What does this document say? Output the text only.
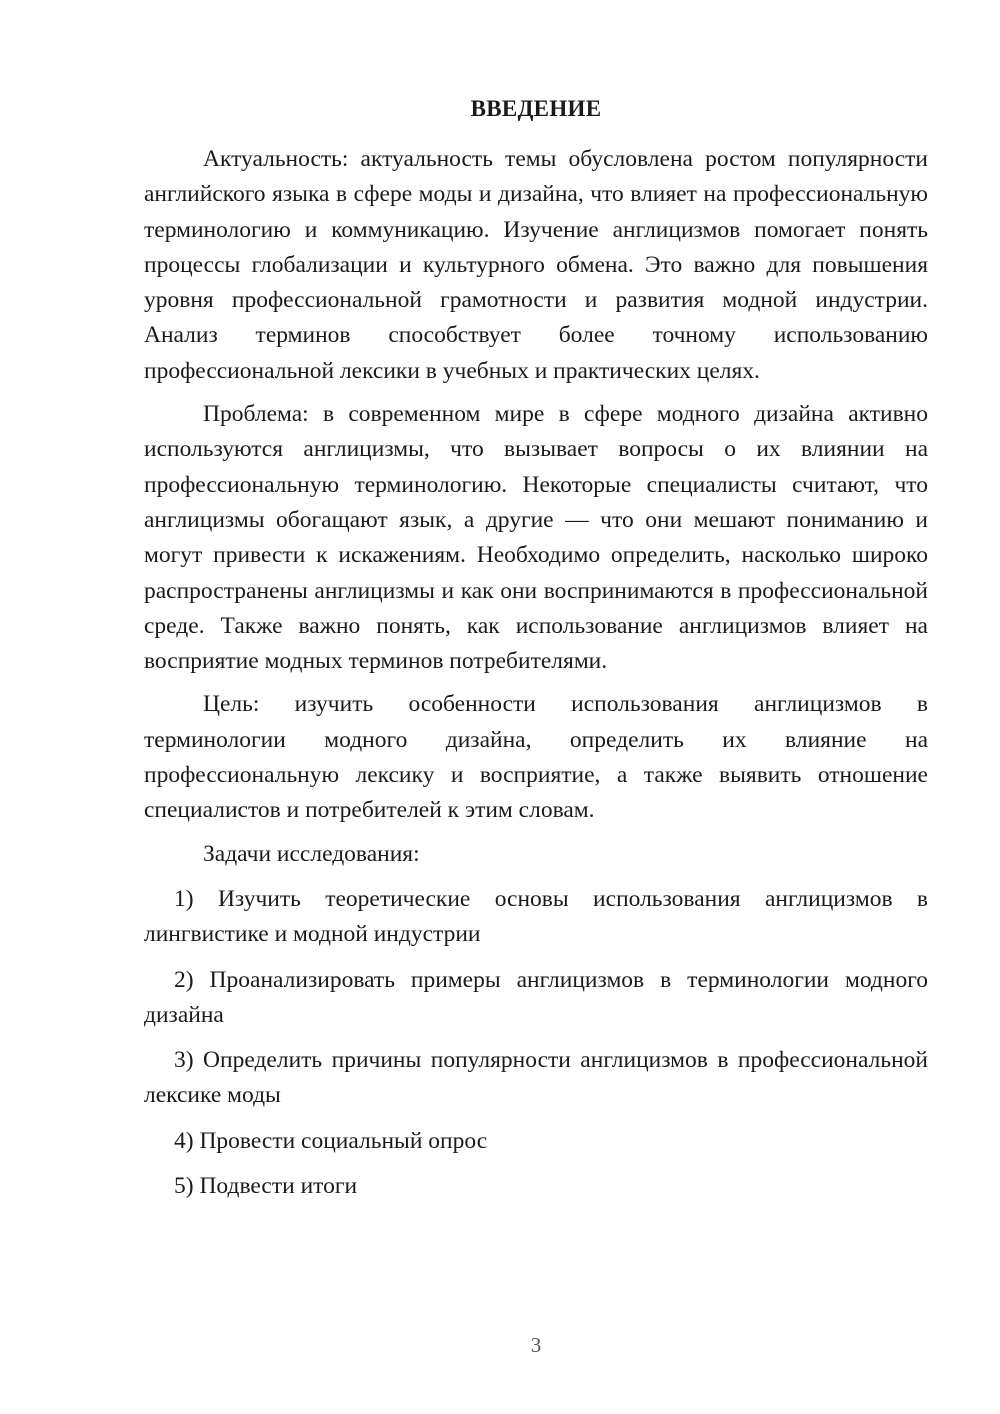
ВВЕДЕНИЕ

Актуальность: актуальность темы обусловлена ростом популярности английского языка в сфере моды и дизайна, что влияет на профессиональную терминологию и коммуникацию. Изучение англицизмов помогает понять процессы глобализации и культурного обмена. Это важно для повышения уровня профессиональной грамотности и развития модной индустрии. Анализ терминов способствует более точному использованию профессиональной лексики в учебных и практических целях.

Проблема: в современном мире в сфере модного дизайна активно используются англицизмы, что вызывает вопросы о их влиянии на профессиональную терминологию. Некоторые специалисты считают, что англицизмы обогащают язык, а другие — что они мешают пониманию и могут привести к искажениям. Необходимо определить, насколько широко распространены англицизмы и как они воспринимаются в профессиональной среде. Также важно понять, как использование англицизмов влияет на восприятие модных терминов потребителями.

Цель: изучить особенности использования англицизмов в терминологии модного дизайна, определить их влияние на профессиональную лексику и восприятие, а также выявить отношение специалистов и потребителей к этим словам.

Задачи исследования:

1) Изучить теоретические основы использования англицизмов в лингвистике и модной индустрии

2) Проанализировать примеры англицизмов в терминологии модного дизайна

3) Определить причины популярности англицизмов в профессиональной лексике моды

4) Провести социальный опрос

5) Подвести итоги

3
